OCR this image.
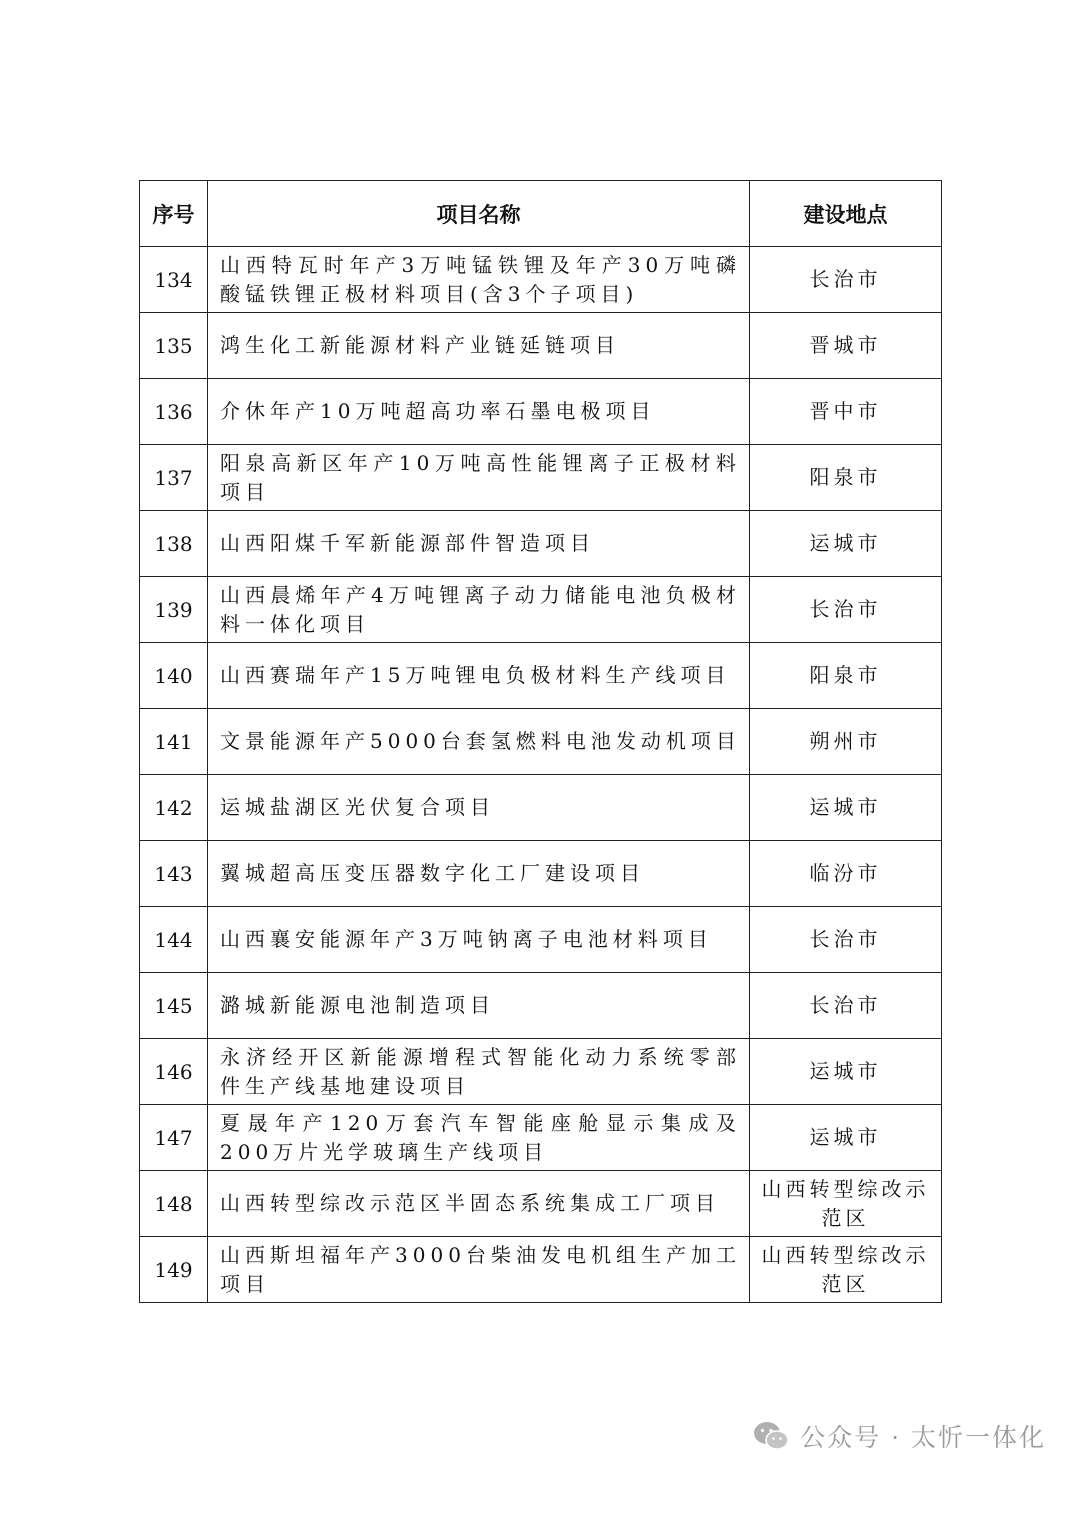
序号	项目名称	建设地点
134	山西特瓦时年产3万吨锰铁锂及年产30万吨磷酸锰铁锂正极材料项目(含3个子项目)	长治市
135	鸿生化工新能源材料产业链延链项目	晋城市
136	介休年产10万吨超高功率石墨电极项目	晋中市
137	阳泉高新区年产10万吨高性能锂离子正极材料项目	阳泉市
138	山西阳煤千军新能源部件智造项目	运城市
139	山西晨烯年产4万吨锂离子动力储能电池负极材料一体化项目	长治市
140	山西赛瑞年产15万吨锂电负极材料生产线项目	阳泉市
141	文景能源年产5000台套氢燃料电池发动机项目	朔州市
142	运城盐湖区光伏复合项目	运城市
143	翼城超高压变压器数字化工厂建设项目	临汾市
144	山西襄安能源年产3万吨钠离子电池材料项目	长治市
145	潞城新能源电池制造项目	长治市
146	永济经开区新能源增程式智能化动力系统零部件生产线基地建设项目	运城市
147	夏晟年产120万套汽车智能座舱显示集成及200万片光学玻璃生产线项目	运城市
148	山西转型综改示范区半固态系统集成工厂项目	山西转型综改示范区
149	山西斯坦福年产3000台柴油发电机组生产加工项目	山西转型综改示范区
公众号 · 太忻一体化
